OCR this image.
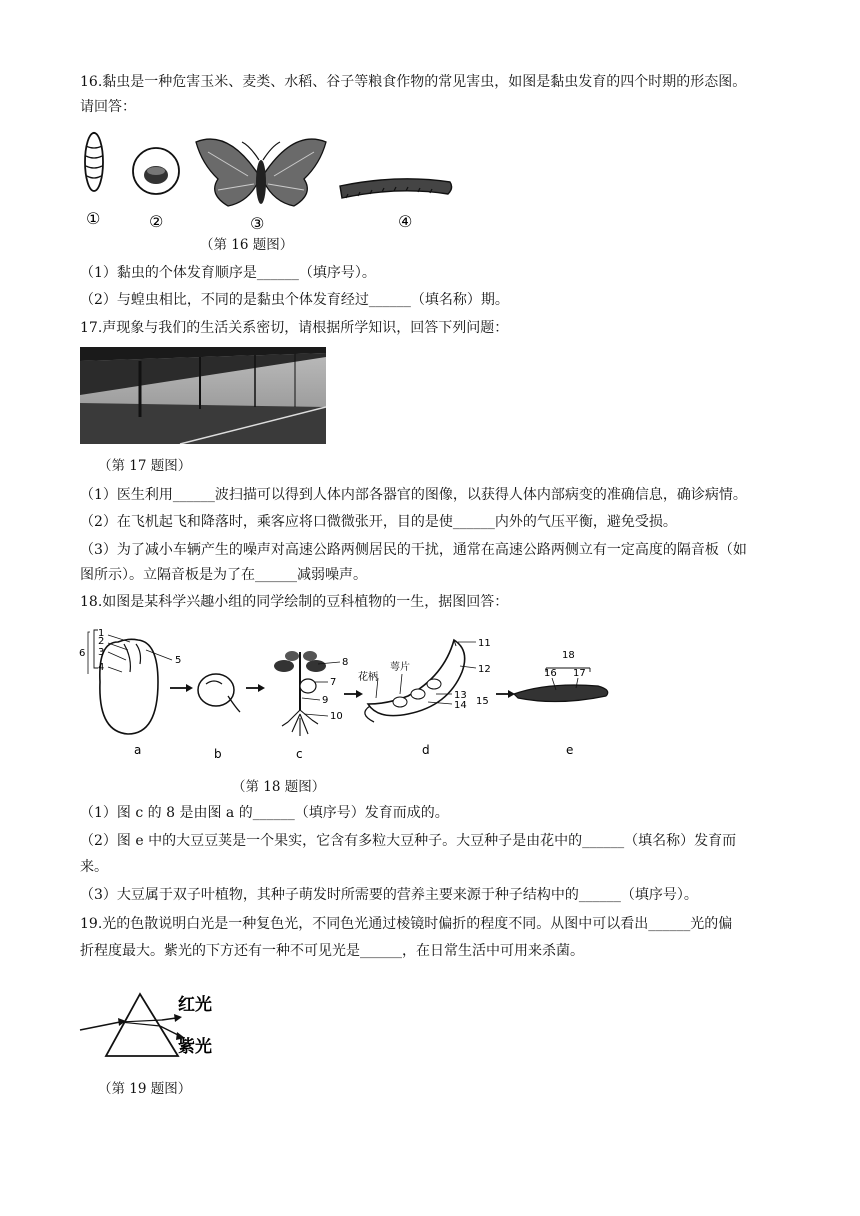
16.黏虫是一种危害玉米、麦类、水稻、谷子等粮食作物的常见害虫，如图是黏虫发育的四个时期的形态图。
请回答：
①	②	③	④
（第 16 题图）
（1）黏虫的个体发育顺序是______（填序号）。
（2）与蝗虫相比，不同的是黏虫个体发育经过______（填名称）期。
17.声现象与我们的生活关系密切，请根据所学知识，回答下列问题：
（第 17 题图）
（1）医生利用______波扫描可以得到人体内部各器官的图像，以获得人体内部病变的准确信息，确诊病情。
（2）在飞机起飞和降落时，乘客应将口微微张开，目的是使______内外的气压平衡，避免受损。
（3）为了减小车辆产生的噪声对高速公路两侧居民的干扰，通常在高速公路两侧立有一定高度的隔音板（如
图所示）。立隔音板是为了在______减弱噪声。
18.如图是某科学兴趣小组的同学绘制的豆科植物的一生，据图回答：
1
2
3
4
5
6
7
8
9
10
11
12
13
14 15
16 17
18
花柄
萼片
a	b	c	d	e
（第 18 题图）
（1）图 c 的 8 是由图 a 的______（填序号）发育而成的。
（2）图 e 中的大豆豆荚是一个果实，它含有多粒大豆种子。大豆种子是由花中的______（填名称）发育而
来。
（3）大豆属于双子叶植物，其种子萌发时所需要的营养主要来源于种子结构中的______（填序号）。
19.光的色散说明白光是一种复色光，不同色光通过棱镜时偏折的程度不同。从图中可以看出______光的偏
折程度最大。紫光的下方还有一种不可见光是______，在日常生活中可用来杀菌。
红光
紫光
（第 19 题图）
